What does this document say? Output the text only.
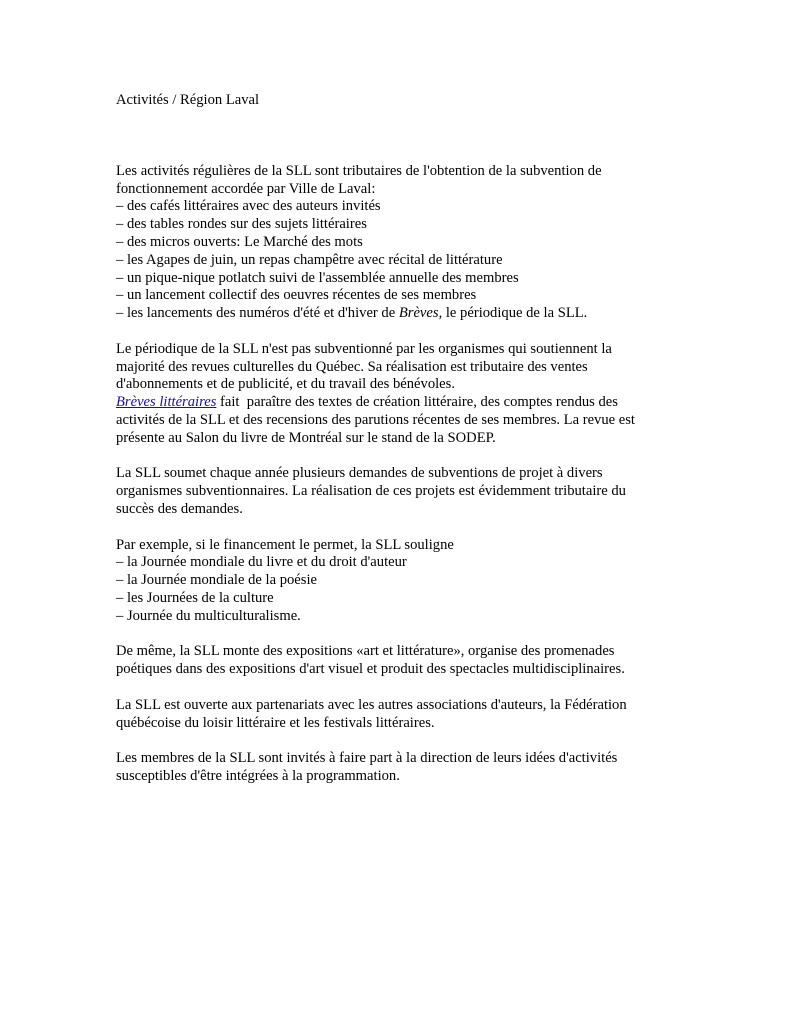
Activités / Région Laval
Les activités régulières de la SLL sont tributaires de l'obtention de la subvention de
fonctionnement accordée par Ville de Laval:
– des cafés littéraires avec des auteurs invités
– des tables rondes sur des sujets littéraires
– des micros ouverts: Le Marché des mots
– les Agapes de juin, un repas champêtre avec récital de littérature
– un pique-nique potlatch suivi de l'assemblée annuelle des membres
– un lancement collectif des oeuvres récentes de ses membres
– les lancements des numéros d'été et d'hiver de Brèves, le périodique de la SLL.
Le périodique de la SLL n'est pas subventionné par les organismes qui soutiennent la
majorité des revues culturelles du Québec. Sa réalisation est tributaire des ventes
d'abonnements et de publicité, et du travail des bénévoles.
Brèves littéraires fait  paraître des textes de création littéraire, des comptes rendus des
activités de la SLL et des recensions des parutions récentes de ses membres. La revue est
présente au Salon du livre de Montréal sur le stand de la SODEP.
La SLL soumet chaque année plusieurs demandes de subventions de projet à divers
organismes subventionnaires. La réalisation de ces projets est évidemment tributaire du
succès des demandes.
Par exemple, si le financement le permet, la SLL souligne
– la Journée mondiale du livre et du droit d'auteur
– la Journée mondiale de la poésie
– les Journées de la culture
– Journée du multiculturalisme.
De même, la SLL monte des expositions «art et littérature», organise des promenades
poétiques dans des expositions d'art visuel et produit des spectacles multidisciplinaires.
La SLL est ouverte aux partenariats avec les autres associations d'auteurs, la Fédération
québécoise du loisir littéraire et les festivals littéraires.
Les membres de la SLL sont invités à faire part à la direction de leurs idées d'activités
susceptibles d'être intégrées à la programmation.
